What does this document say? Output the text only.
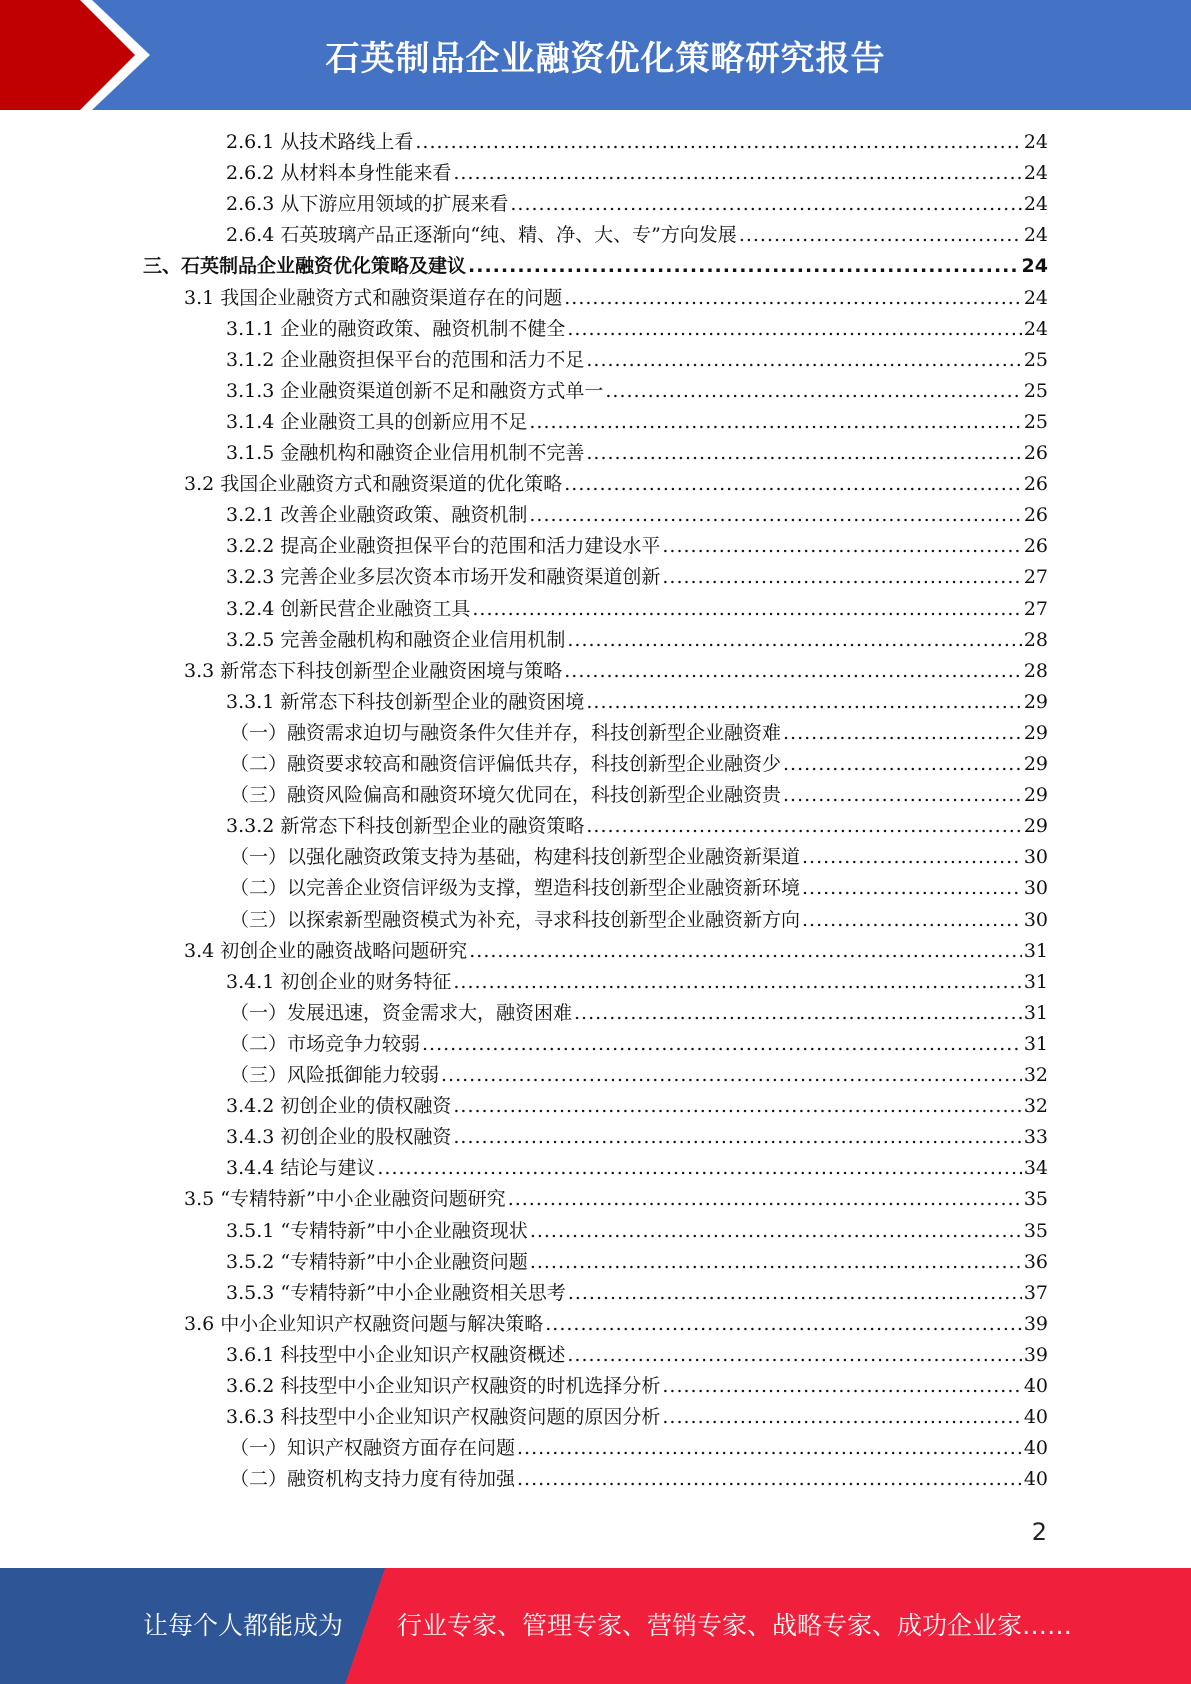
石英制品企业融资优化策略研究报告
2.6.1 从技术路线上看 .....	24
2.6.2 从材料本身性能来看 .....	24
2.6.3 从下游应用领域的扩展来看 .....	24
2.6.4 石英玻璃产品正逐渐向“纯、精、净、大、专”方向发展 .....	24
三、石英制品企业融资优化策略及建议 .....	24
3.1 我国企业融资方式和融资渠道存在的问题 .....	24
3.1.1 企业的融资政策、融资机制不健全 .....	24
3.1.2 企业融资担保平台的范围和活力不足 .....	25
3.1.3 企业融资渠道创新不足和融资方式单一 .....	25
3.1.4 企业融资工具的创新应用不足 .....	25
3.1.5 金融机构和融资企业信用机制不完善 .....	26
3.2 我国企业融资方式和融资渠道的优化策略 .....	26
3.2.1 改善企业融资政策、融资机制 .....	26
3.2.2 提高企业融资担保平台的范围和活力建设水平 .....	26
3.2.3 完善企业多层次资本市场开发和融资渠道创新 .....	27
3.2.4 创新民营企业融资工具 .....	27
3.2.5 完善金融机构和融资企业信用机制 .....	28
3.3 新常态下科技创新型企业融资困境与策略 .....	28
3.3.1 新常态下科技创新型企业的融资困境 .....	29
（一）融资需求迫切与融资条件欠佳并存，科技创新型企业融资难 .....	29
（二）融资要求较高和融资信评偏低共存，科技创新型企业融资少 .....	29
（三）融资风险偏高和融资环境欠优同在，科技创新型企业融资贵 .....	29
3.3.2 新常态下科技创新型企业的融资策略 .....	29
（一）以强化融资政策支持为基础，构建科技创新型企业融资新渠道 .....	30
（二）以完善企业资信评级为支撑，塑造科技创新型企业融资新环境 .....	30
（三）以探索新型融资模式为补充，寻求科技创新型企业融资新方向 .....	30
3.4 初创企业的融资战略问题研究 .....	31
3.4.1 初创企业的财务特征 .....	31
（一）发展迅速，资金需求大，融资困难 .....	31
（二）市场竞争力较弱 .....	31
（三）风险抵御能力较弱 .....	32
3.4.2 初创企业的债权融资 .....	32
3.4.3 初创企业的股权融资 .....	33
3.4.4 结论与建议 .....	34
3.5 “专精特新”中小企业融资问题研究 .....	35
3.5.1 “专精特新”中小企业融资现状 .....	35
3.5.2 “专精特新”中小企业融资问题 .....	36
3.5.3 “专精特新”中小企业融资相关思考 .....	37
3.6 中小企业知识产权融资问题与解决策略 .....	39
3.6.1 科技型中小企业知识产权融资概述 .....	39
3.6.2 科技型中小企业知识产权融资的时机选择分析 .....	40
3.6.3 科技型中小企业知识产权融资问题的原因分析 .....	40
（一）知识产权融资方面存在问题 .....	40
（二）融资机构支持力度有待加强 .....	40
2
让每个人都能成为 行业专家、管理专家、营销专家、战略专家、成功企业家……
